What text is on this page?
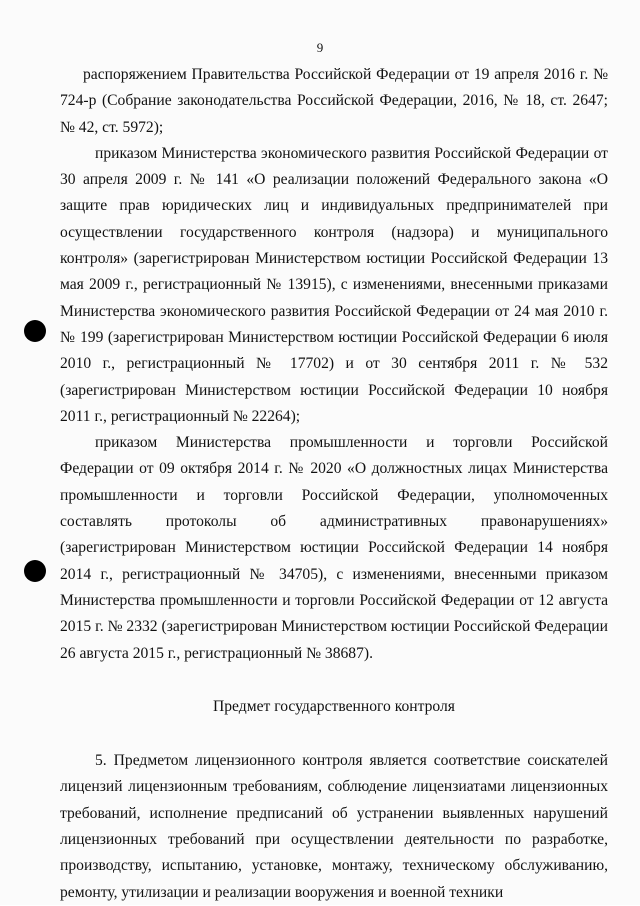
9

распоряжением Правительства Российской Федерации от 19 апреля 2016 г. № 724-р (Собрание законодательства Российской Федерации, 2016, № 18, ст. 2647; № 42, ст. 5972);

приказом Министерства экономического развития Российской Федерации от 30 апреля 2009 г. № 141 «О реализации положений Федерального закона «О защите прав юридических лиц и индивидуальных предпринимателей при осуществлении государственного контроля (надзора) и муниципального контроля» (зарегистрирован Министерством юстиции Российской Федерации 13 мая 2009 г., регистрационный № 13915), с изменениями, внесенными приказами Министерства экономического развития Российской Федерации от 24 мая 2010 г. № 199 (зарегистрирован Министерством юстиции Российской Федерации 6 июля 2010 г., регистрационный № 17702) и от 30 сентября 2011 г. № 532 (зарегистрирован Министерством юстиции Российской Федерации 10 ноября 2011 г., регистрационный № 22264);

приказом Министерства промышленности и торговли Российской Федерации от 09 октября 2014 г. № 2020 «О должностных лицах Министерства промышленности и торговли Российской Федерации, уполномоченных составлять протоколы об административных правонарушениях» (зарегистрирован Министерством юстиции Российской Федерации 14 ноября 2014 г., регистрационный № 34705), с изменениями, внесенными приказом Министерства промышленности и торговли Российской Федерации от 12 августа 2015 г. № 2332 (зарегистрирован Министерством юстиции Российской Федерации 26 августа 2015 г., регистрационный № 38687).

Предмет государственного контроля

5. Предметом лицензионного контроля является соответствие соискателей лицензий лицензионным требованиям, соблюдение лицензиатами лицензионных требований, исполнение предписаний об устранении выявленных нарушений лицензионных требований при осуществлении деятельности по разработке, производству, испытанию, установке, монтажу, техническому обслуживанию, ремонту, утилизации и реализации вооружения и военной техники
